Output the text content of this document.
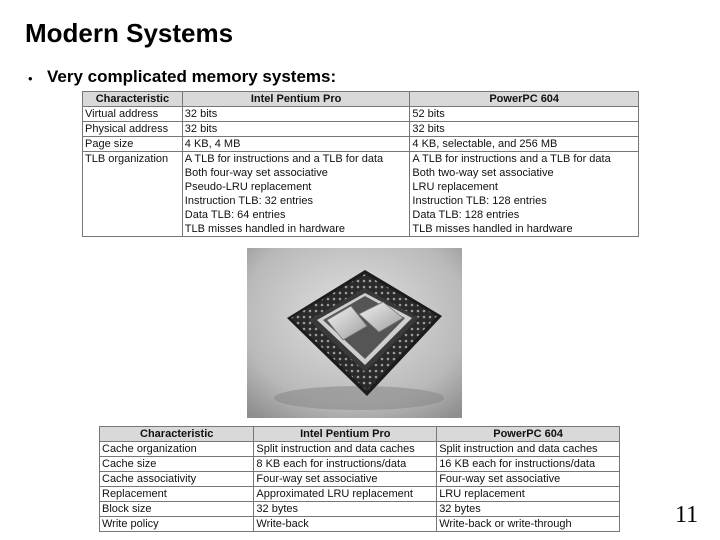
Modern Systems
• Very complicated memory systems:
Characteristic	Intel Pentium Pro	PowerPC 604
Virtual address	32 bits	52 bits
Physical address	32 bits	32 bits
Page size	4 KB, 4 MB	4 KB, selectable, and 256 MB
TLB organization	A TLB for instructions and a TLB for data	A TLB for instructions and a TLB for data
	Both four-way set associative	Both two-way set associative
	Pseudo-LRU replacement	LRU replacement
	Instruction TLB: 32 entries	Instruction TLB: 128 entries
	Data TLB: 64 entries	Data TLB: 128 entries
	TLB misses handled in hardware	TLB misses handled in hardware
Characteristic	Intel Pentium Pro	PowerPC 604
Cache organization	Split instruction and data caches	Split instruction and data caches
Cache size	8 KB each for instructions/data	16 KB each for instructions/data
Cache associativity	Four-way set associative	Four-way set associative
Replacement	Approximated LRU replacement	LRU replacement
Block size	32 bytes	32 bytes
Write policy	Write-back	Write-back or write-through	11
